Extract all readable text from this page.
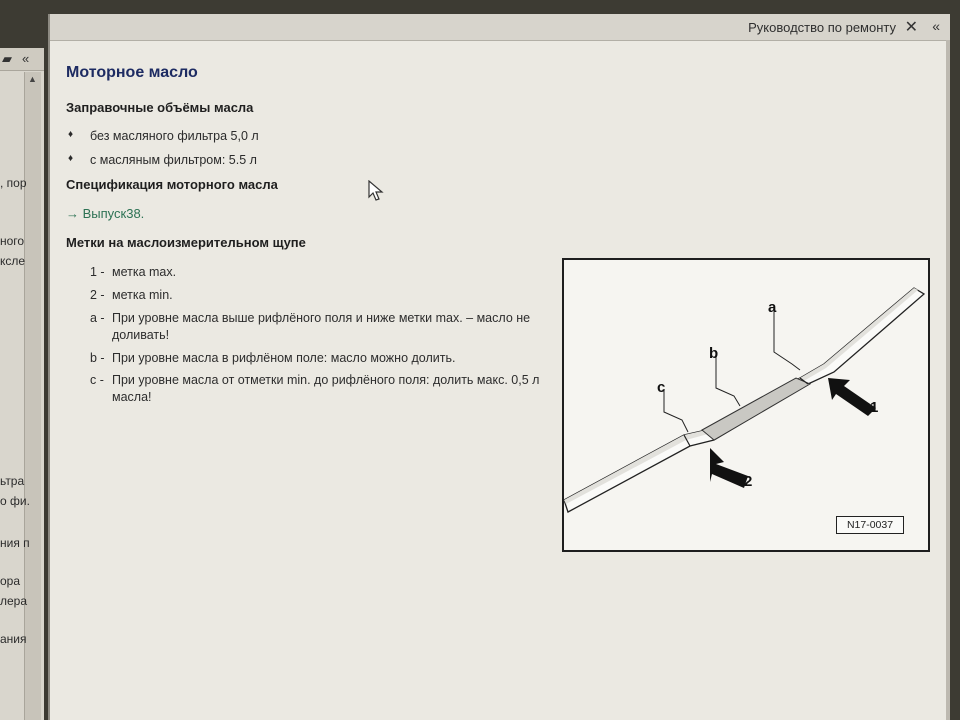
▰ «
▲
, пор
ного
ксле
ьтра
о фи.
ния п
ора
лера
ания
Руководство по ремонту ✕ «
Моторное масло
Заправочные объёмы масла
♦ без масляного фильтра 5,0 л
♦ с масляным фильтром: 5.5 л
Спецификация моторного масла
→ Выпуск38.
Метки на маслоизмерительном щупе
1 - метка max.
2 - метка min.
a - При уровне масла выше рифлёного поля и ниже метки max. – масло не доливать!
b - При уровне масла в рифлёном поле: масло можно долить.
c - При уровне масла от отметки min. до рифлёного поля: долить макс. 0,5 л масла!
a
b
c
1
2
N17-0037
